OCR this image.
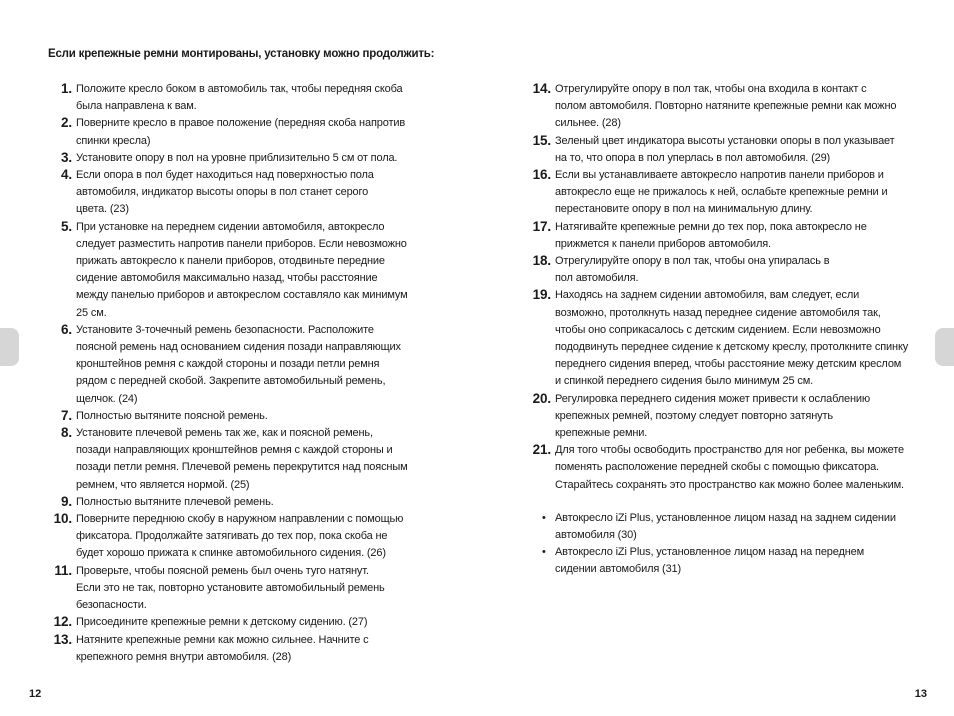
Если крепежные ремни монтированы, установку можно продолжить:
1. Положите кресло боком в автомобиль так, чтобы передняя скоба
была направлена к вам.
2. Поверните кресло в правое положение (передняя скоба напротив
спинки кресла)
3. Установите опору в пол на уровне приблизительно 5 см от пола.
4. Если опора в пол будет находиться над поверхностью пола
автомобиля, индикатор высоты опоры в пол станет серого
цвета. (23)
5. При установке на переднем сидении автомобиля, автокресло
следует разместить напротив панели приборов. Если невозможно
прижать автокресло к панели приборов, отодвиньте передние
сидение автомобиля максимально назад, чтобы расстояние
между панелью приборов и автокреслом составляло как минимум
25 см.
6. Установите 3-точечный ремень безопасности. Расположите
поясной ремень над основанием сидения позади направляющих
кронштейнов ремня с каждой стороны и позади петли ремня
рядом с передней скобой. Закрепите автомобильный ремень,
щелчок. (24)
7. Полностью вытяните поясной ремень.
8. Установите плечевой ремень так же, как и поясной ремень,
позади направляющих кронштейнов ремня с каждой стороны и
позади петли ремня. Плечевой ремень перекрутится над поясным
ремнем, что является нормой. (25)
9. Полностью вытяните плечевой ремень.
10. Поверните переднюю скобу в наружном направлении с помощью
фиксатора. Продолжайте затягивать до тех пор, пока скоба не
будет хорошо прижата к спинке автомобильного сидения. (26)
11. Проверьте, чтобы поясной ремень был очень туго натянут.
Если это не так, повторно установите автомобильный ремень
безопасности.
12. Присоедините крепежные ремни к детскому сидению. (27)
13. Натяните крепежные ремни как можно сильнее. Начните с
крепежного ремня внутри автомобиля. (28)
14. Отрегулируйте опору в пол так, чтобы она входила в контакт с
полом автомобиля. Повторно натяните крепежные ремни как можно
сильнее. (28)
15. Зеленый цвет индикатора высоты установки опоры в пол указывает
на то, что опора в пол уперлась в пол автомобиля. (29)
16. Если вы устанавливаете автокресло напротив панели приборов и
автокресло еще не прижалось к ней, ослабьте крепежные ремни и
перестановите опору в пол на минимальную длину.
17. Натягивайте крепежные ремни до тех пор, пока автокресло не
прижмется к панели приборов автомобиля.
18. Отрегулируйте опору в пол так, чтобы она упиралась в
пол автомобиля.
19. Находясь на заднем сидении автомобиля, вам следует, если
возможно, протолкнуть назад переднее сидение автомобиля так,
чтобы оно соприкасалось с детским сидением. Если невозможно
пододвинуть переднее сидение к детскому креслу, протолкните спинку
переднего сидения вперед, чтобы расстояние межу детским креслом
и спинкой переднего сидения было минимум 25 см.
20. Регулировка переднего сидения может привести к ослаблению
крепежных ремней, поэтому следует повторно затянуть
крепежные ремни.
21. Для того чтобы освободить пространство для ног ребенка, вы можете
поменять расположение передней скобы с помощью фиксатора.
Старайтесь сохранять это пространство как можно более маленьким.
• Автокресло iZi Plus, установленное лицом назад на заднем сидении
автомобиля (30)
• Автокресло iZi Plus, установленное лицом назад на переднем
сидении автомобиля (31)
12	13
